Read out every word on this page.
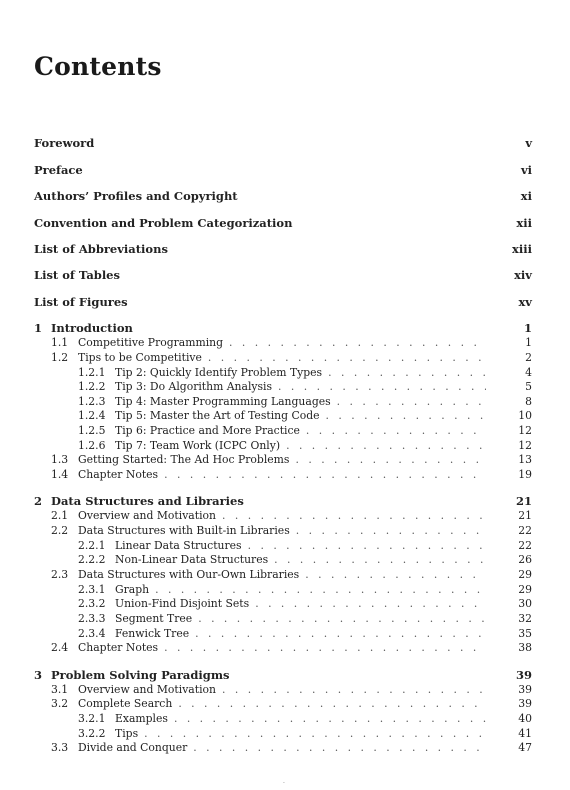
Contents
Foreword	v
Preface	vi
Authors’ Profiles and Copyright	xi
Convention and Problem Categorization	xii
List of Abbreviations	xiii
List of Tables	xiv
List of Figures	xv
1 Introduction	1
1.1 Competitive Programming . . .	1
1.2 Tips to be Competitive . . .	2
1.2.1 Tip 2: Quickly Identify Problem Types . . .	4
1.2.2 Tip 3: Do Algorithm Analysis . . .	5
1.2.3 Tip 4: Master Programming Languages . . .	8
1.2.4 Tip 5: Master the Art of Testing Code . . .	10
1.2.5 Tip 6: Practice and More Practice . . .	12
1.2.6 Tip 7: Team Work (ICPC Only) . . .	12
1.3 Getting Started: The Ad Hoc Problems . . .	13
1.4 Chapter Notes . . .	19
2 Data Structures and Libraries	21
2.1 Overview and Motivation . . .	21
2.2 Data Structures with Built-in Libraries . . .	22
2.2.1 Linear Data Structures . . .	22
2.2.2 Non-Linear Data Structures . . .	26
2.3 Data Structures with Our-Own Libraries . . .	29
2.3.1 Graph . . .	29
2.3.2 Union-Find Disjoint Sets . . .	30
2.3.3 Segment Tree . . .	32
2.3.4 Fenwick Tree . . .	35
2.4 Chapter Notes . . .	38
3 Problem Solving Paradigms	39
3.1 Overview and Motivation . . .	39
3.2 Complete Search . . .	39
3.2.1 Examples . . .	40
3.2.2 Tips . . .	41
3.3 Divide and Conquer . . .	47
·
